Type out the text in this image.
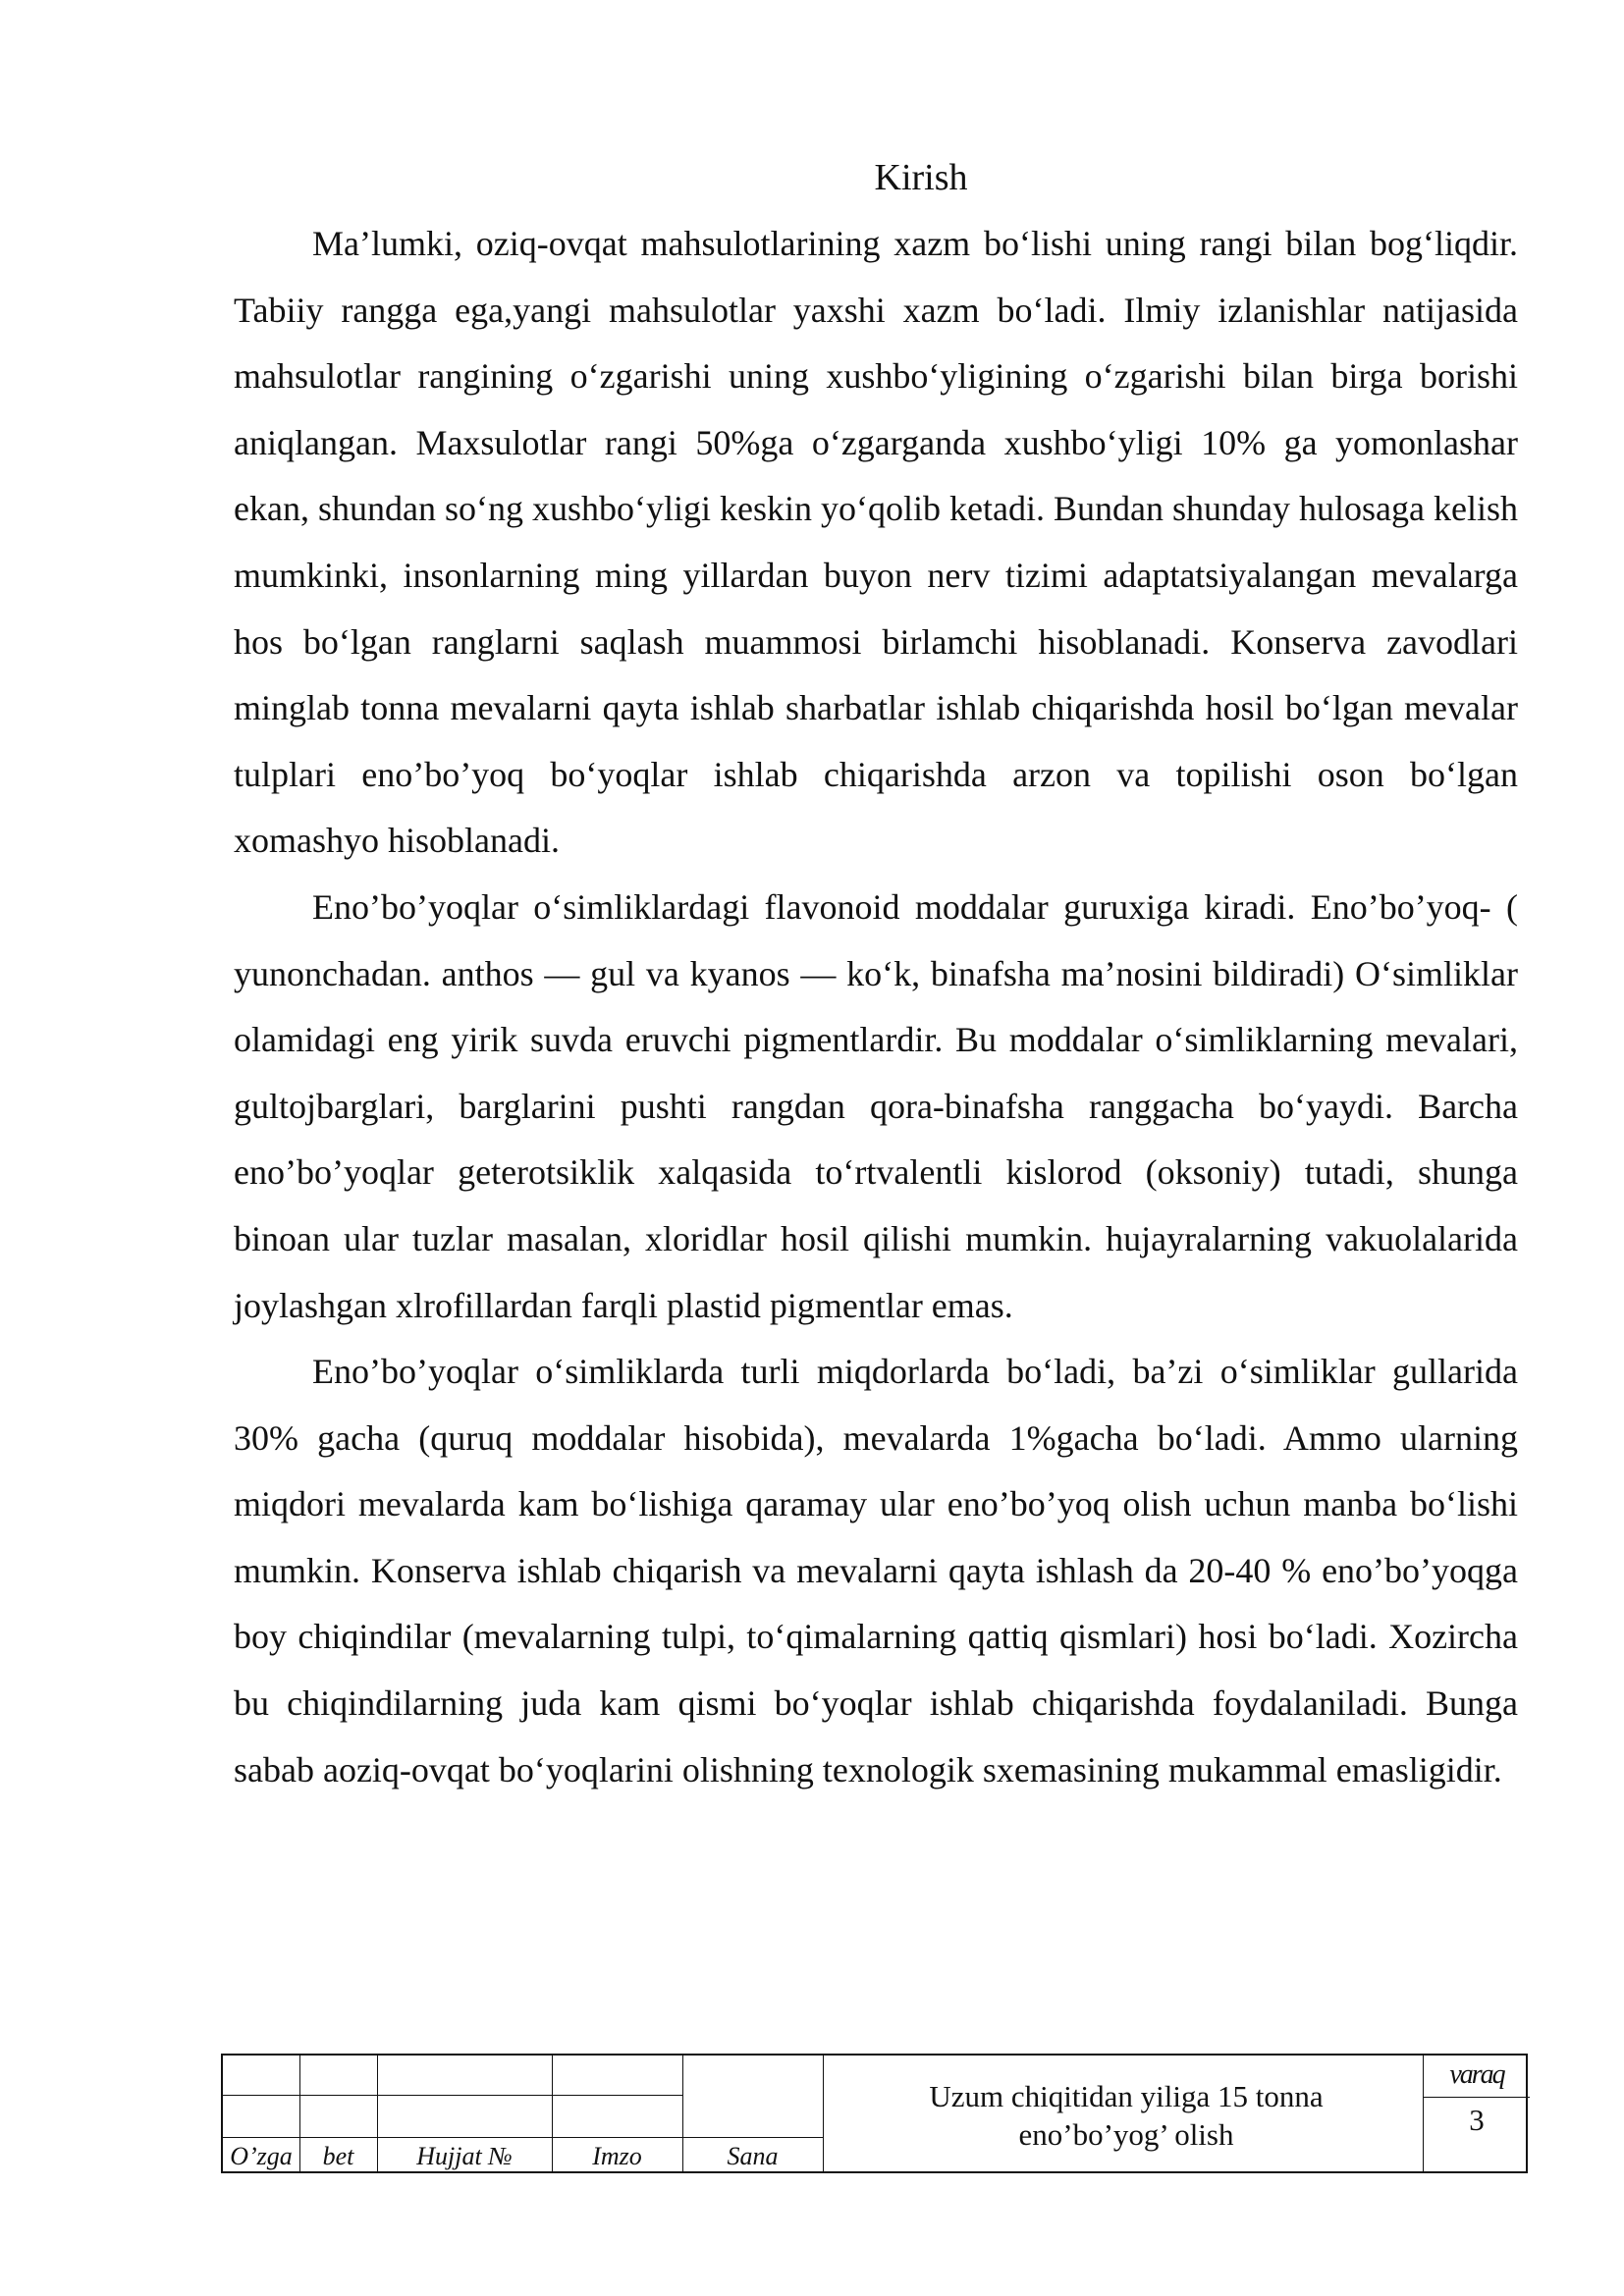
Kirish

Ma’lumki, oziq-ovqat mahsulotlarining xazm bo‘lishi uning rangi bilan bog‘liqdir. Tabiiy rangga ega,yangi mahsulotlar yaxshi xazm bo‘ladi. Ilmiy izlanishlar natijasida mahsulotlar rangining o‘zgarishi uning xushbo‘yligining o‘zgarishi bilan birga borishi aniqlangan. Maxsulotlar rangi 50%ga o‘zgarganda xushbo‘yligi 10% ga yomonlashar ekan, shundan so‘ng xushbo‘yligi keskin yo‘qolib ketadi. Bundan shunday hulosaga kelish mumkinki, insonlarning ming yillardan buyon nerv tizimi adaptatsiyalangan mevalarga hos bo‘lgan ranglarni saqlash muammosi birlamchi hisoblanadi. Konserva zavodlari minglab tonna mevalarni qayta ishlab sharbatlar ishlab chiqarishda hosil bo‘lgan mevalar tulplari eno’bo’yoq bo‘yoqlar ishlab chiqarishda arzon va topilishi oson bo‘lgan xomashyo hisoblanadi.

Eno’bo’yoqlar o‘simliklardagi flavonoid moddalar guruxiga kiradi. Eno’bo’yoq- ( yunonchadan. anthos — gul va kyanos — ko‘k, binafsha ma’nosini bildiradi) O‘simliklar olamidagi eng yirik suvda eruvchi pigmentlardir. Bu moddalar o‘simliklarning mevalari, gultojbarglari, barglarini pushti rangdan qora-binafsha ranggacha bo‘yaydi. Barcha eno’bo’yoqlar geterotsiklik xalqasida to‘rtvalentli kislorod (oksoniy) tutadi, shunga binoan ular tuzlar masalan, xloridlar hosil qilishi mumkin. hujayralarning vakuolalarida joylashgan xlrofillardan farqli plastid pigmentlar emas.

Eno’bo’yoqlar o‘simliklarda turli miqdorlarda bo‘ladi, ba’zi o‘simliklar gullarida 30% gacha (quruq moddalar hisobida), mevalarda 1%gacha bo‘ladi. Ammo ularning miqdori mevalarda kam bo‘lishiga qaramay ular eno’bo’yoq olish uchun manba bo‘lishi mumkin. Konserva ishlab chiqarish va mevalarni qayta ishlash da 20-40 % eno’bo’yoqga boy chiqindilar (mevalarning tulpi, to‘qimalarning qattiq qismlari) hosi bo‘ladi. Xozircha bu chiqindilarning juda kam qismi bo‘yoqlar ishlab chiqarishda foydalaniladi. Bunga sabab aoziq-ovqat bo‘yoqlarini olishning texnologik sxemasining mukammal emasligidir.

O’zga	bet	Hujjat №	Imzo	Sana
Uzum chiqitidan yiliga 15 tonna
eno’bo’yog’ olish
varaq
3
